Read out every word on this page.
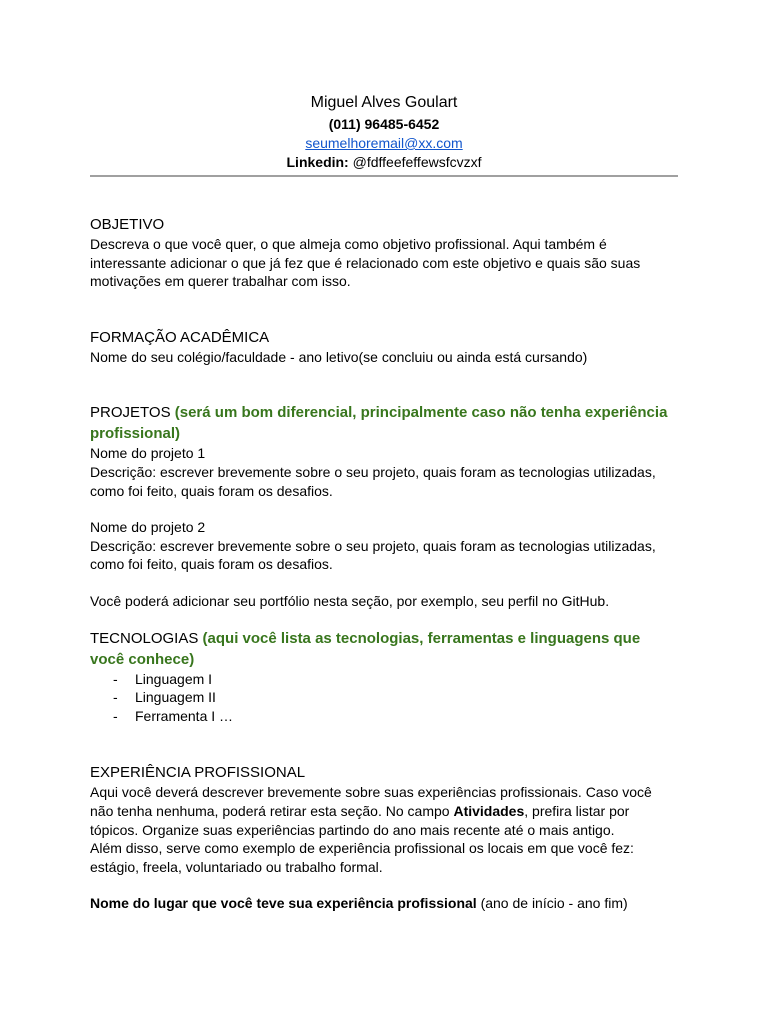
Miguel Alves Goulart
(011) 96485-6452
seumelhoremail@xx.com
Linkedin: @fdffeefeffewsfcvzxf
OBJETIVO

Descreva o que você quer, o que almeja como objetivo profissional. Aqui também é interessante adicionar o que já fez que é relacionado com este objetivo e quais são suas motivações em querer trabalhar com isso.

FORMAÇÃO ACADÊMICA

Nome do seu colégio/faculdade - ano letivo(se concluiu ou ainda está cursando)

PROJETOS (será um bom diferencial, principalmente caso não tenha experiência profissional)

Nome do projeto 1

Descrição: escrever brevemente sobre o seu projeto, quais foram as tecnologias utilizadas, como foi feito, quais foram os desafios.

Nome do projeto 2

Descrição: escrever brevemente sobre o seu projeto, quais foram as tecnologias utilizadas, como foi feito, quais foram os desafios.

Você poderá adicionar seu portfólio nesta seção, por exemplo, seu perfil no GitHub.

TECNOLOGIAS (aqui você lista as tecnologias, ferramentas e linguagens que você conhece)
- Linguagem I
- Linguagem II
- Ferramenta I …
EXPERIÊNCIA PROFISSIONAL

Aqui você deverá descrever brevemente sobre suas experiências profissionais. Caso você não tenha nenhuma, poderá retirar esta seção. No campo Atividades, prefira listar por tópicos. Organize suas experiências partindo do ano mais recente até o mais antigo.

Além disso, serve como exemplo de experiência profissional os locais em que você fez: estágio, freela, voluntariado ou trabalho formal.

Nome do lugar que você teve sua experiência profissional (ano de início - ano fim)
